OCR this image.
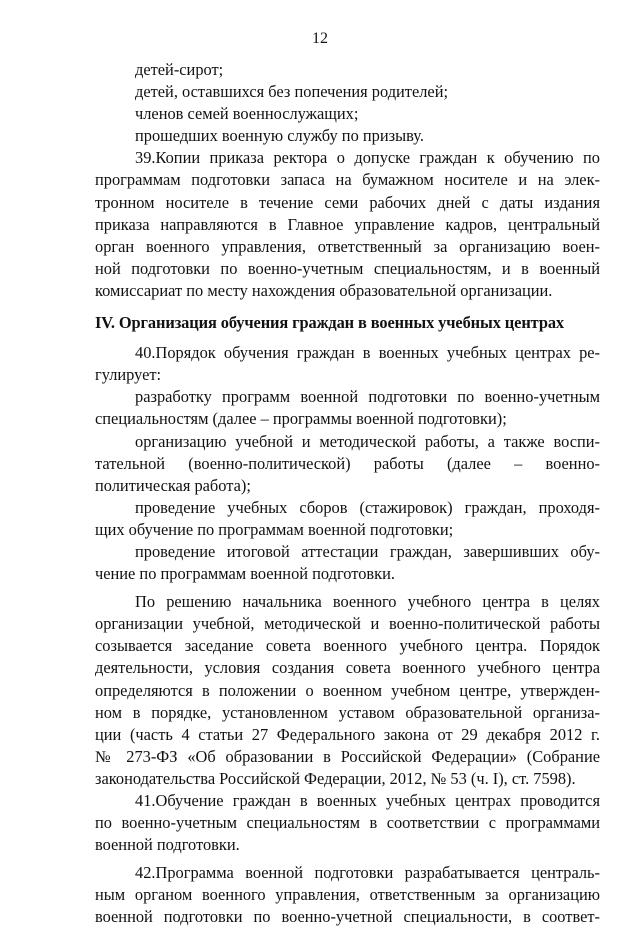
12
детей-сирот;
детей, оставшихся без попечения родителей;
членов семей военнослужащих;
прошедших военную службу по призыву.
39.Копии приказа ректора о допуске граждан к обучению по
программам подготовки запаса на бумажном носителе и на элек-
тронном носителе в течение семи рабочих дней с даты издания
приказа направляются в Главное управление кадров, центральный
орган военного управления, ответственный за организацию воен-
ной подготовки по военно-учетным специальностям, и в военный
комиссариат по месту нахождения образовательной организации.
IV. Организация обучения граждан в военных учебных центрах
40.Порядок обучения граждан в военных учебных центрах ре-
гулирует:
разработку программ военной подготовки по военно-учетным
специальностям (далее – программы военной подготовки);
организацию учебной и методической работы, а также воспи-
тательной (военно-политической) работы (далее – военно-
политическая работа);
проведение учебных сборов (стажировок) граждан, проходя-
щих обучение по программам военной подготовки;
проведение итоговой аттестации граждан, завершивших обу-
чение по программам военной подготовки.
По решению начальника военного учебного центра в целях
организации учебной, методической и военно-политической работы
созывается заседание совета военного учебного центра. Порядок
деятельности, условия создания совета военного учебного центра
определяются в положении о военном учебном центре, утвержден-
ном в порядке, установленном уставом образовательной организа-
ции (часть 4 статьи 27 Федерального закона от 29 декабря 2012 г.
№ 273-ФЗ «Об образовании в Российской Федерации» (Собрание
законодательства Российской Федерации, 2012, № 53 (ч. I), ст. 7598).
41.Обучение граждан в военных учебных центрах проводится
по военно-учетным специальностям в соответствии с программами
военной подготовки.
42.Программа военной подготовки разрабатывается централь-
ным органом военного управления, ответственным за организацию
военной подготовки по военно-учетной специальности, в соответ-
